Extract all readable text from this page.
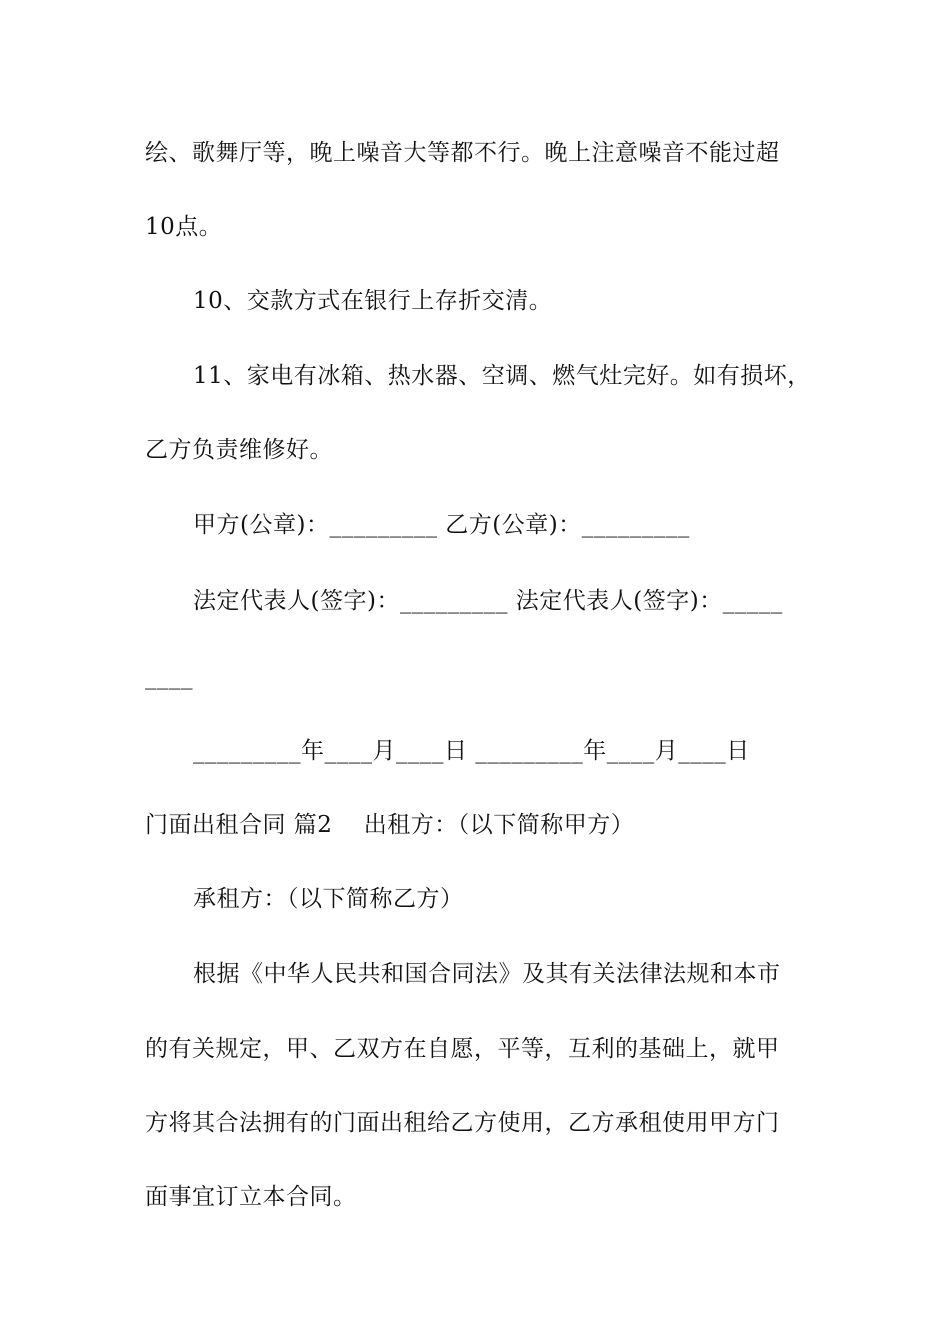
绘、歌舞厅等，晚上噪音大等都不行。晚上注意噪音不能过超
10点。
10、交款方式在银行上存折交清。
11、家电有冰箱、热水器、空调、燃气灶完好。如有损坏，
乙方负责维修好。
甲方(公章)：_________ 乙方(公章)：_________
法定代表人(签字)：_________ 法定代表人(签字)：_____
____
_________年____月____日 _________年____月____日
门面出租合同 篇2    出租方：（以下简称甲方）
承租方：（以下简称乙方）
根据《中华人民共和国合同法》及其有关法律法规和本市
的有关规定，甲、乙双方在自愿，平等，互利的基础上，就甲
方将其合法拥有的门面出租给乙方使用，乙方承租使用甲方门
面事宜订立本合同。
